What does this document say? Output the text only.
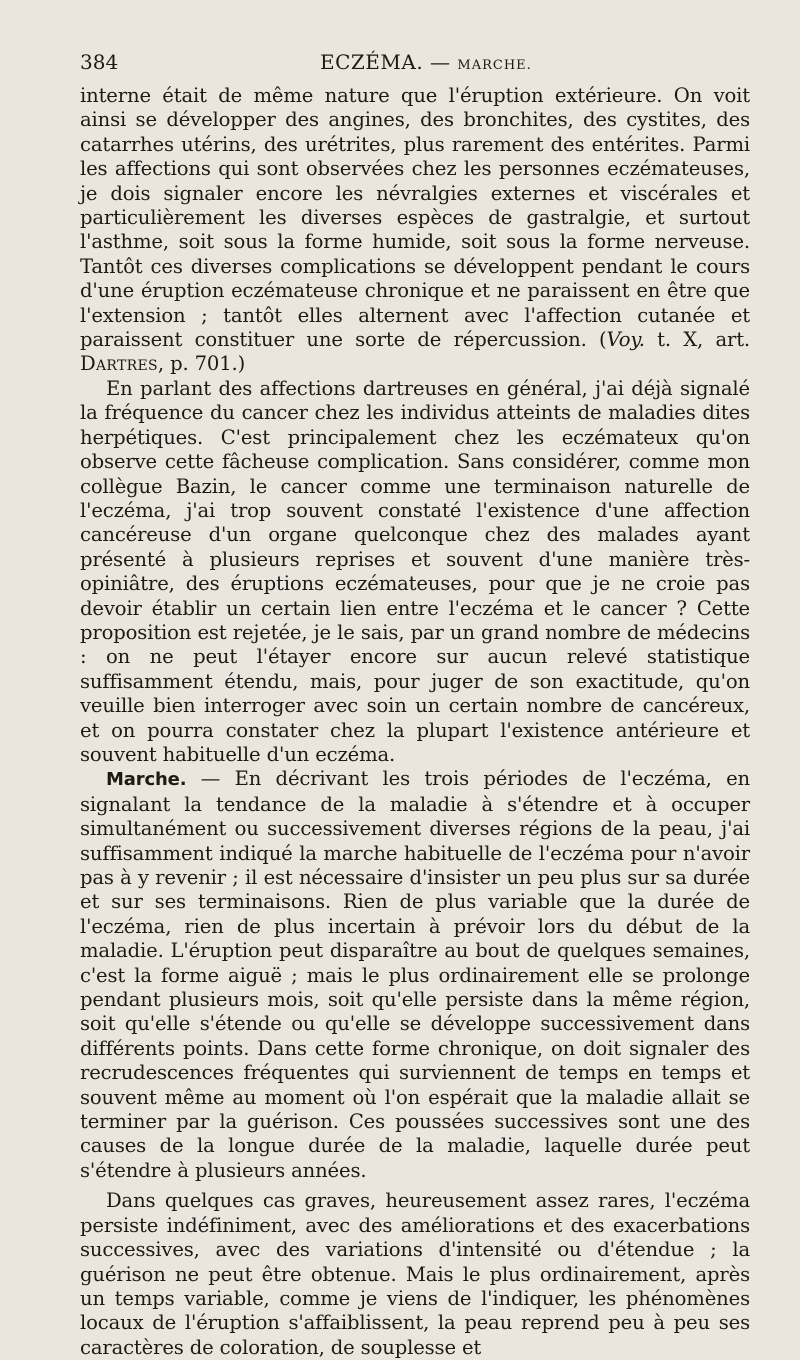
384	ECZÉMA. — MARCHE.

interne était de même nature que l'éruption extérieure. On voit ainsi se développer des angines, des bronchites, des cystites, des catarrhes utérins, des urétrites, plus rarement des entérites. Parmi les affections qui sont observées chez les personnes eczémateuses, je dois signaler encore les névralgies externes et viscérales et particulièrement les diverses espèces de gastralgie, et surtout l'asthme, soit sous la forme humide, soit sous la forme nerveuse. Tantôt ces diverses complications se développent pendant le cours d'une éruption eczémateuse chronique et ne paraissent en être que l'extension ; tantôt elles alternent avec l'affection cutanée et paraissent constituer une sorte de répercussion. (Voy. t. X, art. Dartres, p. 701.)

En parlant des affections dartreuses en général, j'ai déjà signalé la fréquence du cancer chez les individus atteints de maladies dites herpétiques. C'est principalement chez les eczémateux qu'on observe cette fâcheuse complication. Sans considérer, comme mon collègue Bazin, le cancer comme une terminaison naturelle de l'eczéma, j'ai trop souvent constaté l'existence d'une affection cancéreuse d'un organe quelconque chez des malades ayant présenté à plusieurs reprises et souvent d'une manière très-opiniâtre, des éruptions eczémateuses, pour que je ne croie pas devoir établir un certain lien entre l'eczéma et le cancer ? Cette proposition est rejetée, je le sais, par un grand nombre de médecins : on ne peut l'étayer encore sur aucun relevé statistique suffisamment étendu, mais, pour juger de son exactitude, qu'on veuille bien interroger avec soin un certain nombre de cancéreux, et on pourra constater chez la plupart l'existence antérieure et souvent habituelle d'un eczéma.

Marche. — En décrivant les trois périodes de l'eczéma, en signalant la tendance de la maladie à s'étendre et à occuper simultanément ou successivement diverses régions de la peau, j'ai suffisamment indiqué la marche habituelle de l'eczéma pour n'avoir pas à y revenir ; il est nécessaire d'insister un peu plus sur sa durée et sur ses terminaisons. Rien de plus variable que la durée de l'eczéma, rien de plus incertain à prévoir lors du début de la maladie. L'éruption peut disparaître au bout de quelques semaines, c'est la forme aiguë ; mais le plus ordinairement elle se prolonge pendant plusieurs mois, soit qu'elle persiste dans la même région, soit qu'elle s'étende ou qu'elle se développe successivement dans différents points. Dans cette forme chronique, on doit signaler des recrudescences fréquentes qui surviennent de temps en temps et souvent même au moment où l'on espérait que la maladie allait se terminer par la guérison. Ces poussées successives sont une des causes de la longue durée de la maladie, laquelle durée peut s'étendre à plusieurs années.

Dans quelques cas graves, heureusement assez rares, l'eczéma persiste indéfiniment, avec des améliorations et des exacerbations successives, avec des variations d'intensité ou d'étendue ; la guérison ne peut être obtenue. Mais le plus ordinairement, après un temps variable, comme je viens de l'indiquer, les phénomènes locaux de l'éruption s'affaiblissent, la peau reprend peu à peu ses caractères de coloration, de souplesse et
